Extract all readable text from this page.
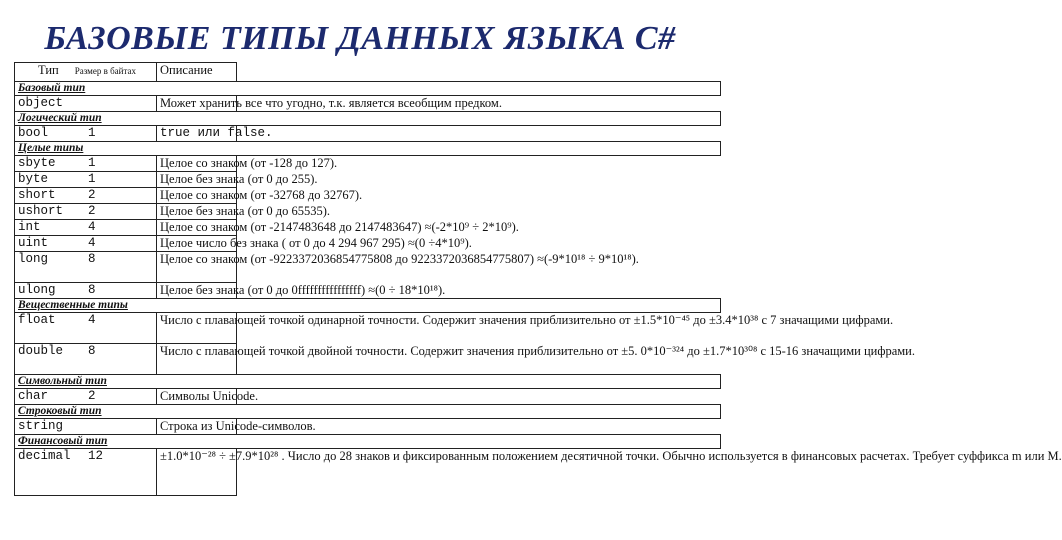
БАЗОВЫЕ ТИПЫ ДАННЫХ ЯЗЫКА C#
Тип Размер в байтах		Описание
Базовый тип	
object		Может хранить все что угодно, т.к. является всеобщим предком.
Логический тип	
bool 1		true или false.
Целые типы	
sbyte 1		Целое со знаком (от -128 до 127).
byte 1		Целое без знака (от 0 до 255).
short 2		Целое со знаком (от -32768 до 32767).
ushort 2		Целое без знака (от 0 до 65535).
int 4		Целое со знаком (от -2147483648 до 2147483647) ≈(-2*10⁹ ÷ 2*10⁹).
uint 4		Целое число без знака ( от 0 до 4 294 967 295) ≈(0 ÷4*10⁹).
long 8		Целое со знаком (от -9223372036854775808 до 9223372036854775807) ≈(-9*10¹⁸ ÷ 9*10¹⁸).
ulong 8		Целое без знака (от 0 до 0ffffffffffffffff) ≈(0 ÷ 18*10¹⁸).
Вещественные типы	
float 4		Число с плавающей точкой одинарной точности. Содержит значения приблизительно от ±1.5*10⁻⁴⁵ до ±3.4*10³⁸ с 7 значащими цифрами.
double 8		Число с плавающей точкой двойной точности. Содержит значения приблизительно от ±5. 0*10⁻³²⁴ до ±1.7*10³⁰⁸ с 15-16 значащими цифрами.
Символьный тип	
char 2		Символы Unicode.
Строковый тип	
string		Строка из Unicode-символов.
Финансовый тип	
decimal 12		±1.0*10⁻²⁸ ÷ ±7.9*10²⁸ . Число до 28 знаков и фиксированным положением десятичной точки. Обычно используется в финансовых расчетах. Требует суффикса m или М.
